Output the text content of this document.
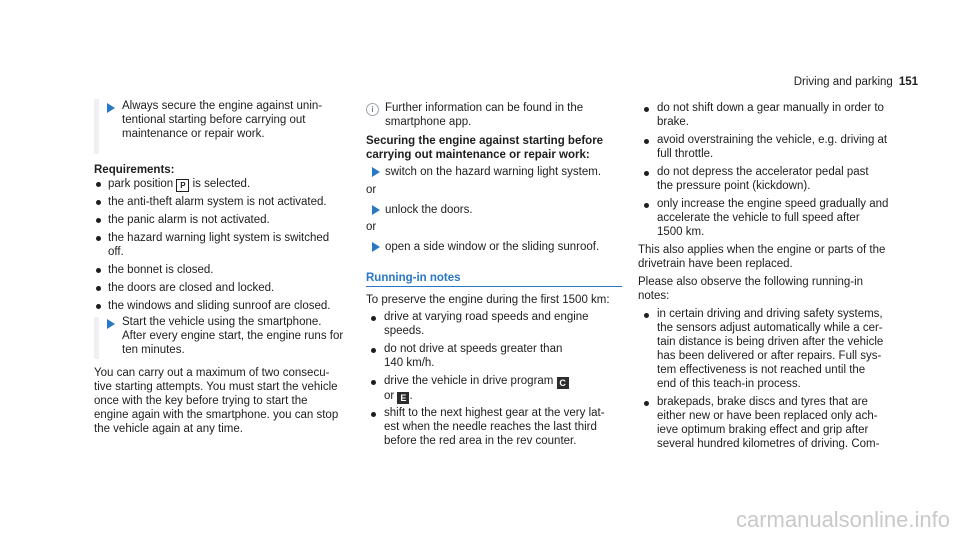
Driving and parking 151
Always secure the engine against unin-
tentional starting before carrying out
maintenance or repair work.
Requirements:
park position P is selected.
the anti-theft alarm system is not activated.
the panic alarm is not activated.
the hazard warning light system is switched
off.
the bonnet is closed.
the doors are closed and locked.
the windows and sliding sunroof are closed.
Start the vehicle using the smartphone.
After every engine start, the engine runs for
ten minutes.
You can carry out a maximum of two consecu-
tive starting attempts. You must start the vehicle
once with the key before trying to start the
engine again with the smartphone. you can stop
the vehicle again at any time.
i Further information can be found in the
smartphone app.
Securing the engine against starting before
carrying out maintenance or repair work:
switch on the hazard warning light system.
or
unlock the doors.
or
open a side window or the sliding sunroof.
Running-in notes
To preserve the engine during the first 1500 km:
drive at varying road speeds and engine
speeds.
do not drive at speeds greater than
140 km/h.
drive the vehicle in drive program C
or E .
shift to the next highest gear at the very lat-
est when the needle reaches the last third
before the red area in the rev counter.
do not shift down a gear manually in order to
brake.
avoid overstraining the vehicle, e.g. driving at
full throttle.
do not depress the accelerator pedal past
the pressure point (kickdown).
only increase the engine speed gradually and
accelerate the vehicle to full speed after
1500 km.
This also applies when the engine or parts of the
drivetrain have been replaced.
Please also observe the following running-in
notes:
in certain driving and driving safety systems,
the sensors adjust automatically while a cer-
tain distance is being driven after the vehicle
has been delivered or after repairs. Full sys-
tem effectiveness is not reached until the
end of this teach-in process.
brakepads, brake discs and tyres that are
either new or have been replaced only ach-
ieve optimum braking effect and grip after
several hundred kilometres of driving. Com-
carmanualsonline.info
